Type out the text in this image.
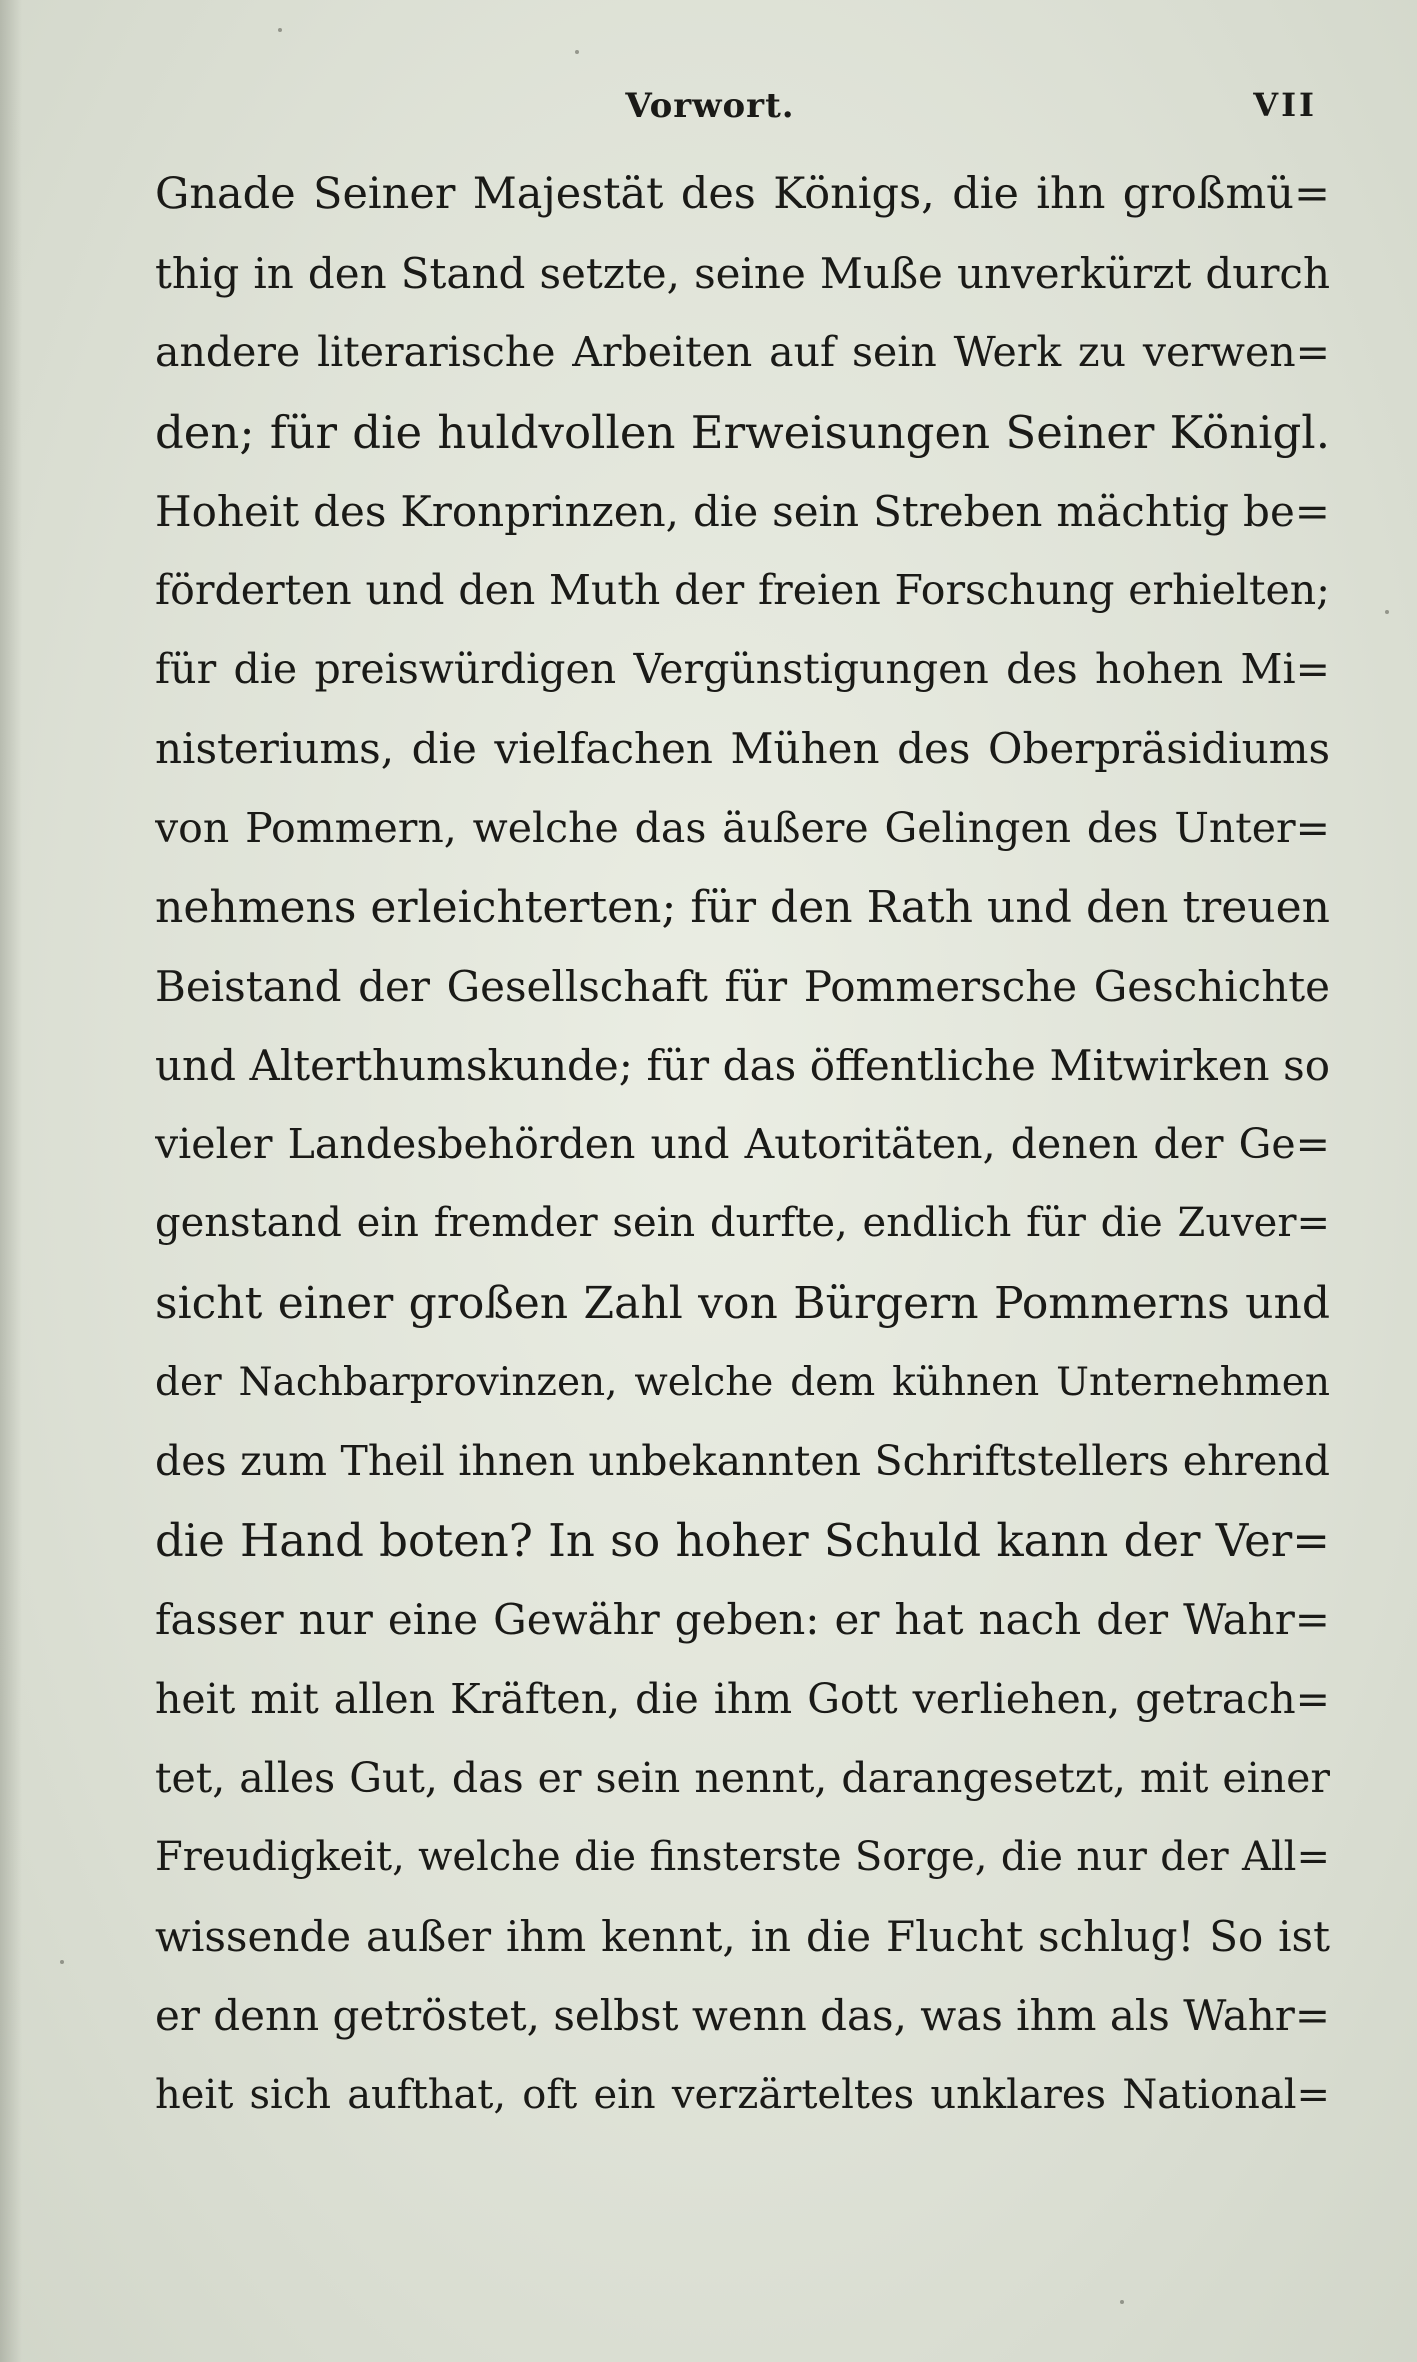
Vorwort.	VII
Gnade Seiner Majestät des Königs, die ihn großmü=
thig in den Stand setzte, seine Muße unverkürzt durch
andere literarische Arbeiten auf sein Werk zu verwen=
den; für die huldvollen Erweisungen Seiner Königl.
Hoheit des Kronprinzen, die sein Streben mächtig be=
förderten und den Muth der freien Forschung erhielten;
für die preiswürdigen Vergünstigungen des hohen Mi=
nisteriums, die vielfachen Mühen des Oberpräsidiums
von Pommern, welche das äußere Gelingen des Unter=
nehmens erleichterten; für den Rath und den treuen
Beistand der Gesellschaft für Pommersche Geschichte
und Alterthumskunde; für das öffentliche Mitwirken so
vieler Landesbehörden und Autoritäten, denen der Ge=
genstand ein fremder sein durfte, endlich für die Zuver=
sicht einer großen Zahl von Bürgern Pommerns und
der Nachbarprovinzen, welche dem kühnen Unternehmen
des zum Theil ihnen unbekannten Schriftstellers ehrend
die Hand boten? In so hoher Schuld kann der Ver=
fasser nur eine Gewähr geben: er hat nach der Wahr=
heit mit allen Kräften, die ihm Gott verliehen, getrach=
tet, alles Gut, das er sein nennt, darangesetzt, mit einer
Freudigkeit, welche die finsterste Sorge, die nur der All=
wissende außer ihm kennt, in die Flucht schlug! So ist
er denn getröstet, selbst wenn das, was ihm als Wahr=
heit sich aufthat, oft ein verzärteltes unklares National=
